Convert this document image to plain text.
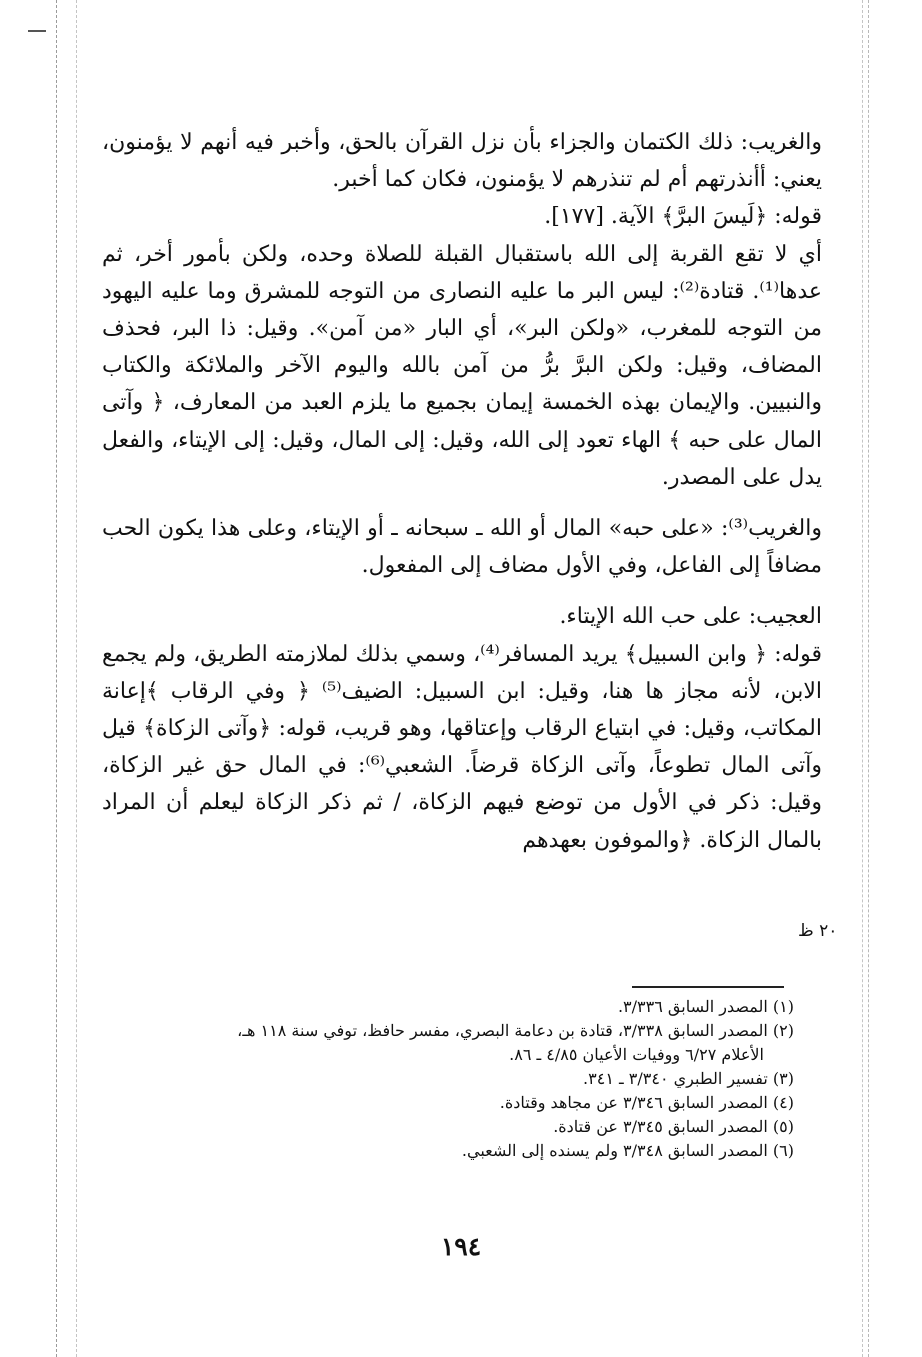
والغريب: ذلك الكتمان والجزاء بأن نزل القرآن بالحق، وأخبر فيه أنهم لا يؤمنون، يعني: أأنذرتهم أم لم تنذرهم لا يؤمنون، فكان كما أخبر.

قوله: ﴿لَيسَ البرَّ﴾ الآية. [١٧٧].

أي لا تقع القربة إلى الله باستقبال القبلة للصلاة وحده، ولكن بأمور أخر، ثم عدها⁽¹⁾. قتادة⁽²⁾: ليس البر ما عليه النصارى من التوجه للمشرق وما عليه اليهود من التوجه للمغرب، «ولكن البر»، أي البار «من آمن». وقيل: ذا البر، فحذف المضاف، وقيل: ولكن البرَّ برُّ من آمن بالله واليوم الآخر والملائكة والكتاب والنبيين. والإيمان بهذه الخمسة إيمان بجميع ما يلزم العبد من المعارف، ﴿ وآتى المال على حبه ﴾ الهاء تعود إلى الله، وقيل: إلى المال، وقيل: إلى الإيتاء، والفعل يدل على المصدر.

والغريب⁽³⁾: «على حبه» المال أو الله ـ سبحانه ـ أو الإيتاء، وعلى هذا يكون الحب مضافاً إلى الفاعل، وفي الأول مضاف إلى المفعول.

العجيب: على حب الله الإيتاء.

قوله: ﴿ وابن السبيل﴾ يريد المسافر⁽⁴⁾، وسمي بذلك لملازمته الطريق، ولم يجمع الابن، لأنه مجاز ها هنا، وقيل: ابن السبيل: الضيف⁽⁵⁾ ﴿ وفي الرقاب ﴾إعانة المكاتب، وقيل: في ابتياع الرقاب وإعتاقها، وهو قريب، قوله: ﴿وآتى الزكاة﴾ قيل وآتى المال تطوعاً، وآتى الزكاة قرضاً. الشعبي⁽⁶⁾: في المال حق غير الزكاة، وقيل: ذكر في الأول من توضع فيهم الزكاة، / ثم ذكر الزكاة ليعلم أن المراد بالمال الزكاة. ﴿والموفون بعهدهم

٢٠ ظ

(١) المصدر السابق ٣/٣٣٦.

(٢) المصدر السابق ٣/٣٣٨، قتادة بن دعامة البصري، مفسر حافظ، توفي سنة ١١٨ هـ،

الأعلام ٦/٢٧ ووفيات الأعيان ٤/٨٥ ـ ٨٦.

(٣) تفسير الطبري ٣/٣٤٠ ـ ٣٤١.

(٤) المصدر السابق ٣/٣٤٦ عن مجاهد وقتادة.

(٥) المصدر السابق ٣/٣٤٥ عن قتادة.

(٦) المصدر السابق ٣/٣٤٨ ولم يسنده إلى الشعبي.

١٩٤
